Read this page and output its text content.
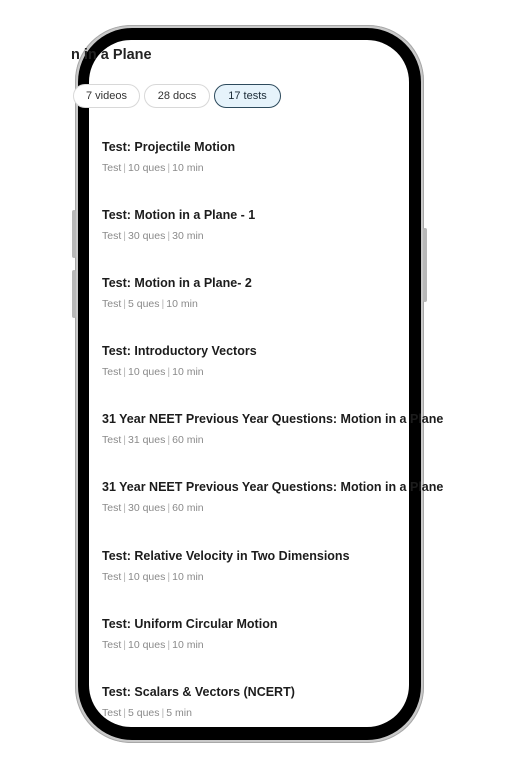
n in a Plane
7 videos	28 docs	17 tests
Test: Projectile Motion
Test | 10 ques | 10 min
Test: Motion in a Plane - 1
Test | 30 ques | 30 min
Test: Motion in a Plane- 2
Test | 5 ques | 10 min
Test: Introductory Vectors
Test | 10 ques | 10 min
31 Year NEET Previous Year Questions: Motion in a Plane
Test | 31 ques | 60 min
31 Year NEET Previous Year Questions: Motion in a Plane
Test | 30 ques | 60 min
Test: Relative Velocity in Two Dimensions
Test | 10 ques | 10 min
Test: Uniform Circular Motion
Test | 10 ques | 10 min
Test: Scalars & Vectors (NCERT)
Test | 5 ques | 5 min
